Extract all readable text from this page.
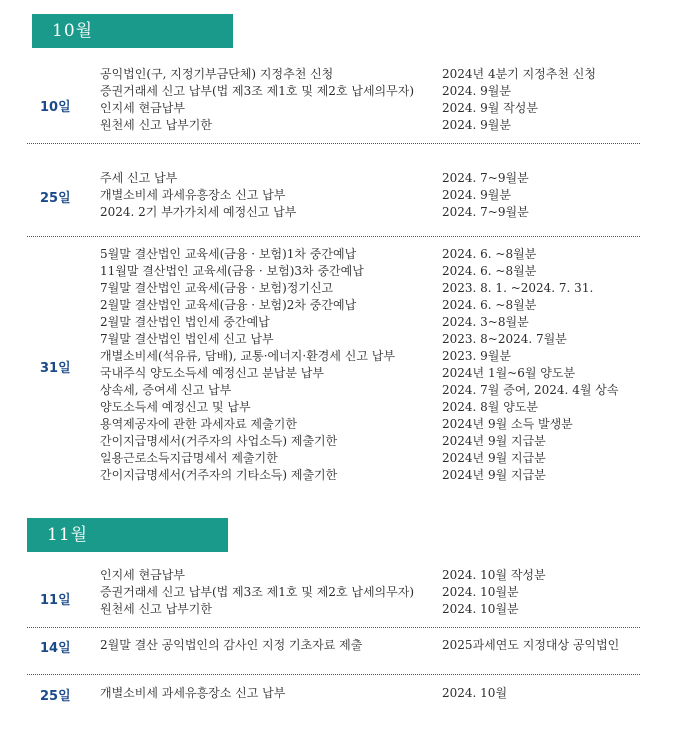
10월
10일
공익법인(구, 지정기부금단체) 지정추천 신청	2024년 4분기 지정추천 신청
증권거래세 신고 납부(법 제3조 제1호 및 제2호 납세의무자) 2024. 9월분
인지세 현금납부	2024. 9월 작성분
원천세 신고 납부기한	2024. 9월분
25일
주세 신고 납부	2024. 7~9월분
개별소비세 과세유흥장소 신고 납부	2024. 9월분
2024. 2기 부가가치세 예정신고 납부	2024. 7~9월분
31일
5월말 결산법인 교육세(금융 · 보험)1차 중간예납	2024. 6. ~8월분
11월말 결산법인 교육세(금융 · 보험)3차 중간예납	2024. 6. ~8월분
7월말 결산법인 교육세(금융 · 보험)정기신고	2023. 8. 1. ~2024. 7. 31.
2월말 결산법인 교육세(금융 · 보험)2차 중간예납	2024. 6. ~8월분
2월말 결산법인 법인세 중간예납	2024. 3~8월분
7월말 결산법인 법인세 신고 납부	2023. 8~2024. 7월분
개별소비세(석유류, 담배), 교통·에너지·환경세 신고 납부	2023. 9월분
국내주식 양도소득세 예정신고 분납분 납부	2024년 1월~6월 양도분
상속세, 증여세 신고 납부	2024. 7월 증여, 2024. 4월 상속
양도소득세 예정신고 및 납부	2024. 8월 양도분
용역제공자에 관한 과세자료 제출기한	2024년 9월 소득 발생분
간이지급명세서(거주자의 사업소득) 제출기한	2024년 9월 지급분
일용근로소득지급명세서 제출기한	2024년 9월 지급분
간이지급명세서(거주자의 기타소득) 제출기한	2024년 9월 지급분
11월
11일
인지세 현금납부	2024. 10월 작성분
증권거래세 신고 납부(법 제3조 제1호 및 제2호 납세의무자) 2024. 10월분
원천세 신고 납부기한	2024. 10월분
14일 2월말 결산 공익법인의 감사인 지정 기초자료 제출	2025과세연도 지정대상 공익법인
25일 개별소비세 과세유흥장소 신고 납부	2024. 10월
